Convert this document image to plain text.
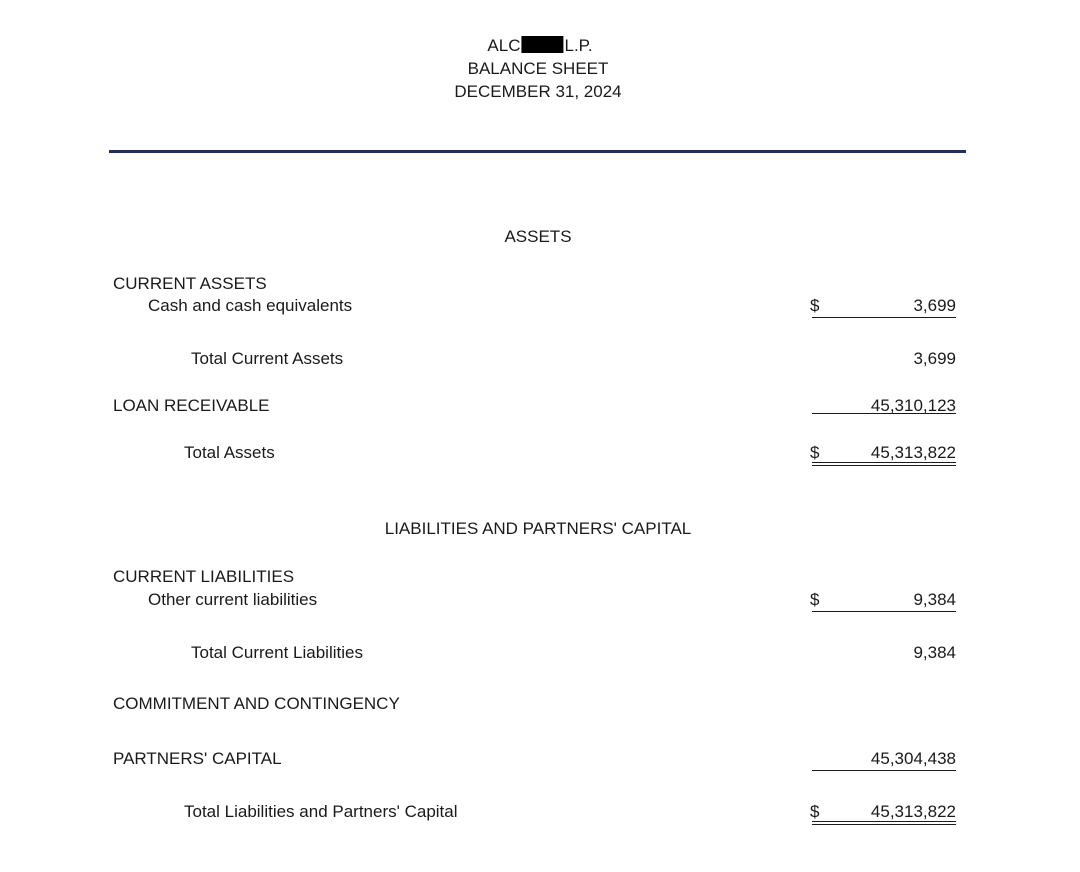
ALC	L.P.
BALANCE SHEET
DECEMBER 31, 2024
ASSETS
CURRENT ASSETS
Cash and cash equivalents	$	3,699
Total Current Assets	3,699
LOAN RECEIVABLE	45,310,123
Total Assets	$	45,313,822
LIABILITIES AND PARTNERS' CAPITAL
CURRENT LIABILITIES
Other current liabilities	$	9,384
Total Current Liabilities	9,384
COMMITMENT AND CONTINGENCY
PARTNERS' CAPITAL	45,304,438
Total Liabilities and Partners' Capital	$	45,313,822
